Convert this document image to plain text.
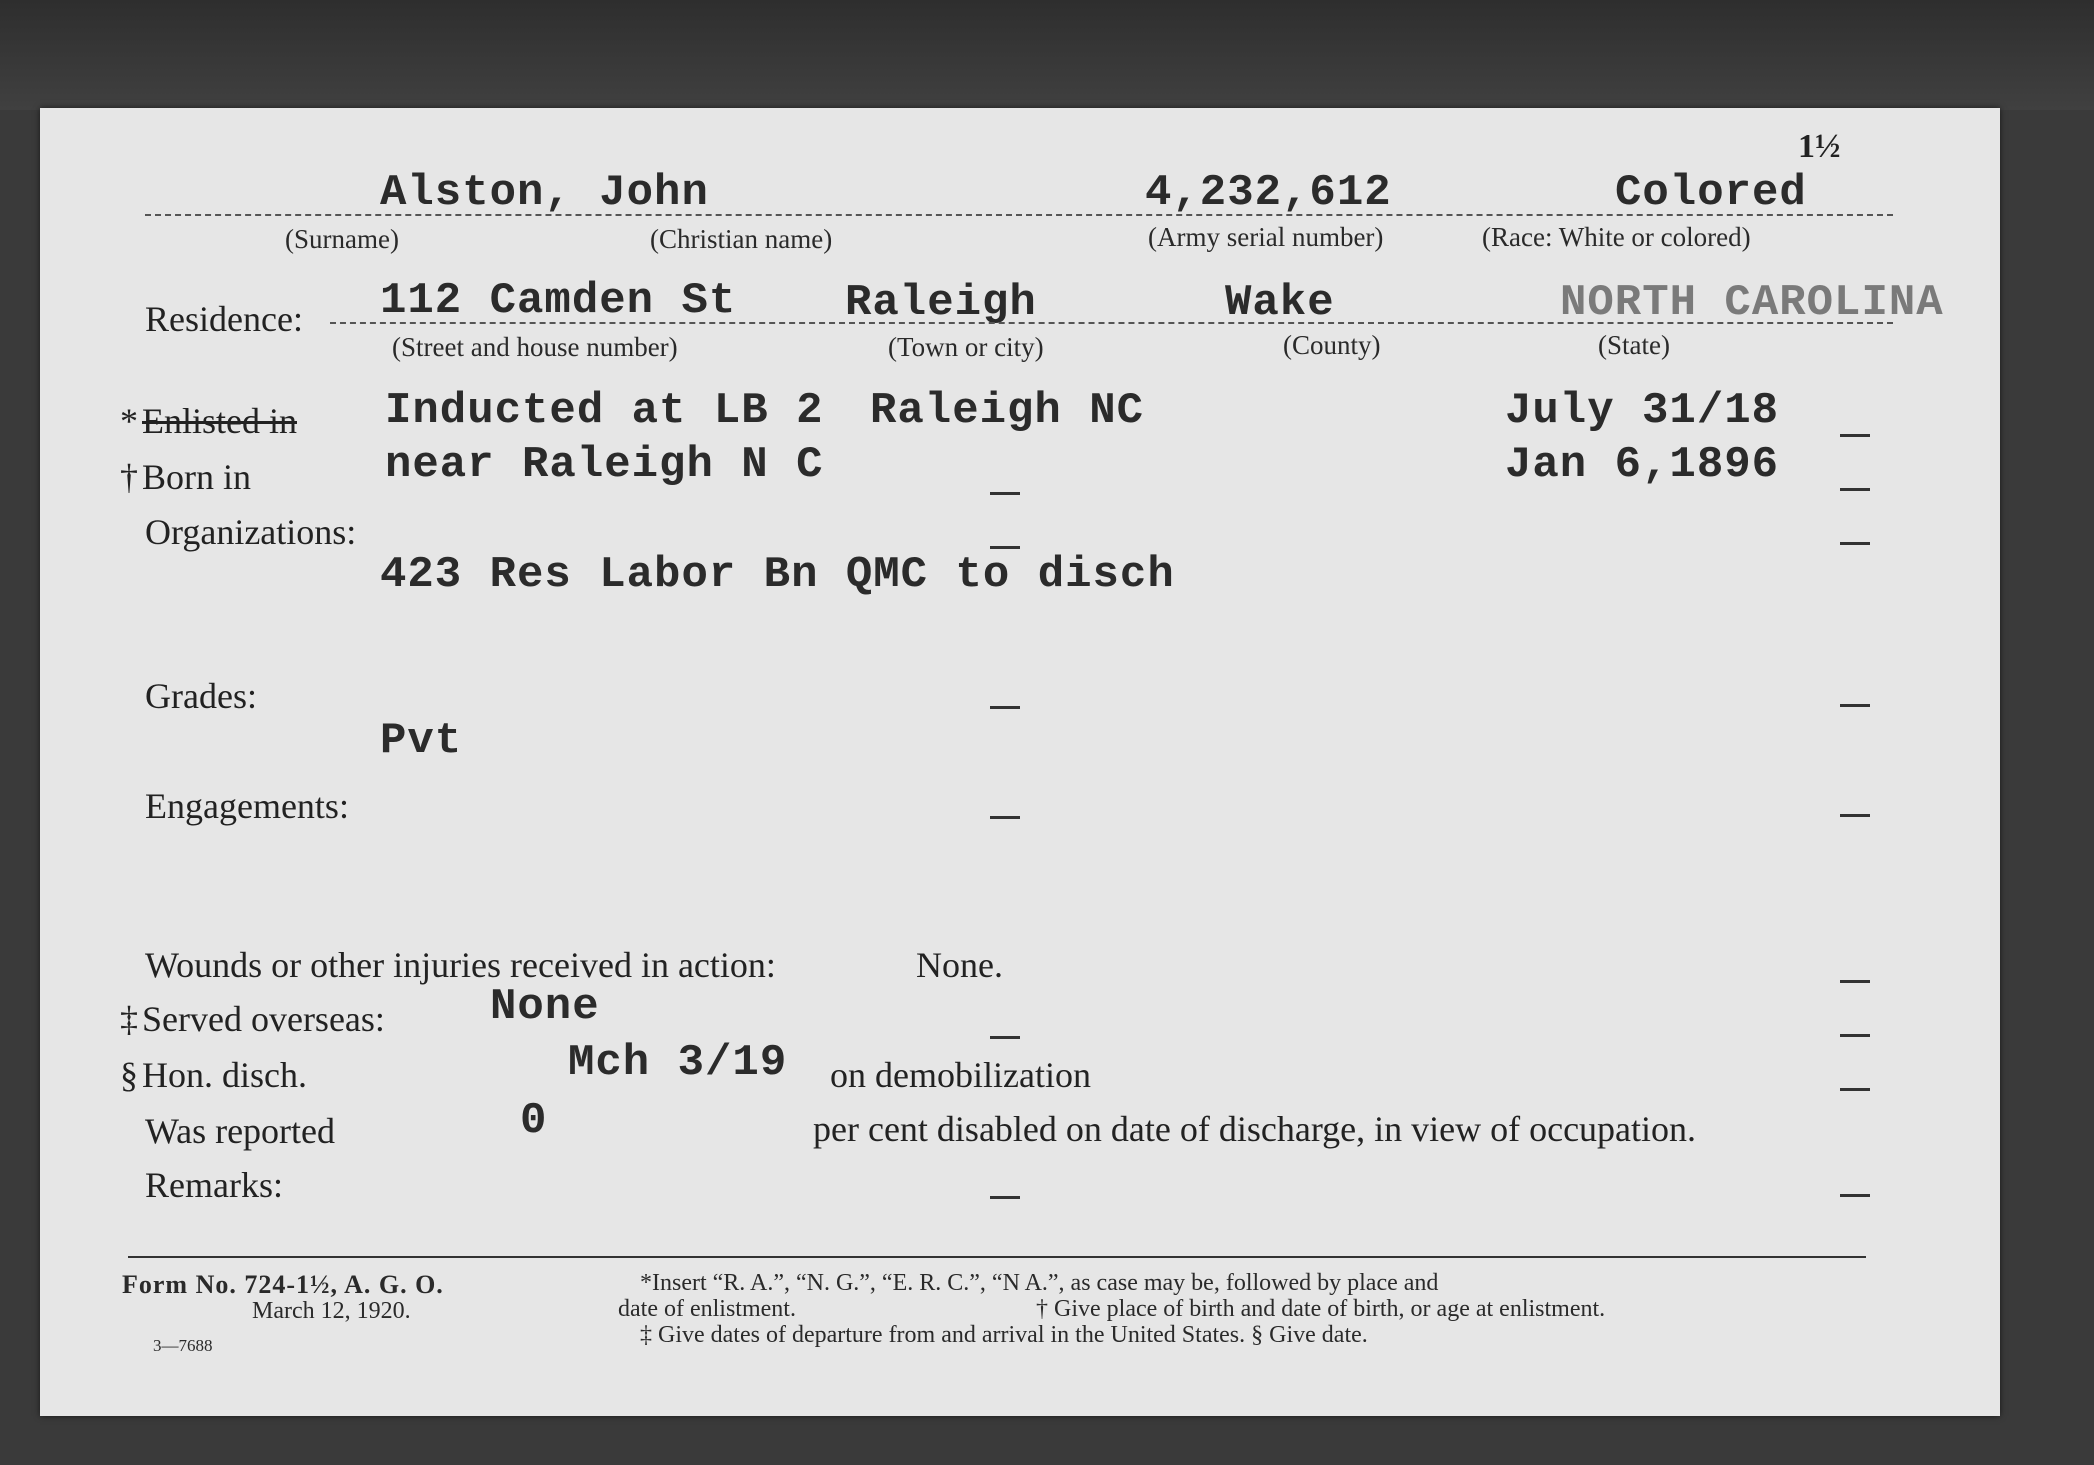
1½
Alston, John	4,232,612	Colored
(Surname)	(Christian name)	(Army serial number)	(Race: White or colored)
Residence: 112 Camden St Raleigh	Wake	NORTH CAROLINA
(Street and house number)	(Town or city)	(County)	(State)
* Enlisted in Inducted at LB 2 Raleigh NC	July 31/18
† Born in	near Raleigh N C	Jan 6,1896
Organizations:
423 Res Labor Bn QMC to disch
Grades:
Pvt
Engagements:
Wounds or other injuries received in action:	None.
‡ Served overseas: None
§ Hon. disch.	Mch 3/19 on demobilization
Was reported	0	per cent disabled on date of discharge, in view of occupation.
Remarks:
Form No. 724-1½, A. G. O.
March 12, 1920.
3—7688
*Insert “R. A.”, “N. G.”, “E. R. C.”, “N A.”, as case may be, followed by place and
date of enlistment.	† Give place of birth and date of birth, or age at enlistment.
‡ Give dates of departure from and arrival in the United States. § Give date.
